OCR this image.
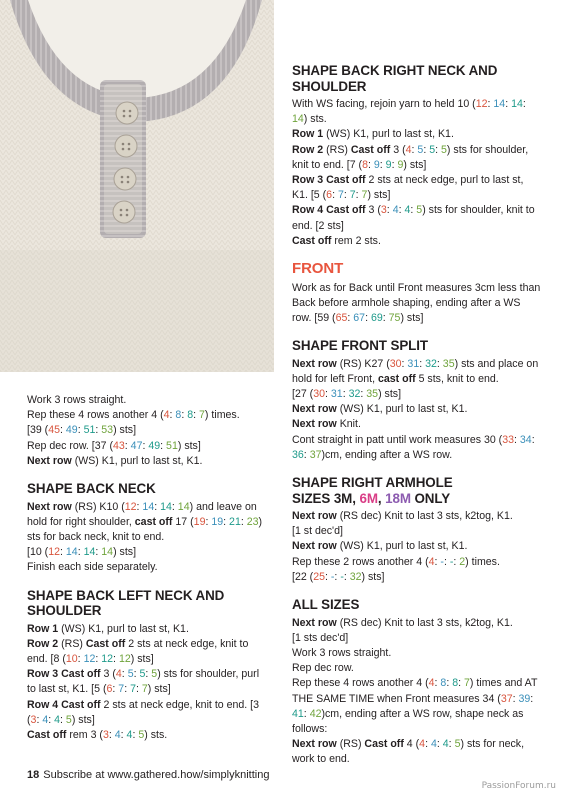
Work 3 rows straight.

Rep these 4 rows another 4 (4: 8: 8: 7) times.

[39 (45: 49: 51: 53) sts]

Rep dec row. [37 (43: 47: 49: 51) sts]

Next row (WS) K1, purl to last st, K1.

SHAPE BACK NECK

Next row (RS) K10 (12: 14: 14: 14) and leave on hold for right shoulder, cast off 17 (19: 19: 21: 23) sts for back neck, knit to end.

[10 (12: 14: 14: 14) sts]

Finish each side separately.

SHAPE BACK LEFT NECK AND SHOULDER

Row 1 (WS) K1, purl to last st, K1.

Row 2 (RS) Cast off 2 sts at neck edge, knit to end. [8 (10: 12: 12: 12) sts]

Row 3 Cast off 3 (4: 5: 5: 5) sts for shoulder, purl to last st, K1. [5 (6: 7: 7: 7) sts]

Row 4 Cast off 2 sts at neck edge, knit to end. [3 (3: 4: 4: 5) sts]

Cast off rem 3 (3: 4: 4: 5) sts.

SHAPE BACK RIGHT NECK AND SHOULDER

With WS facing, rejoin yarn to held 10 (12: 14: 14: 14) sts.

Row 1 (WS) K1, purl to last st, K1.

Row 2 (RS) Cast off 3 (4: 5: 5: 5) sts for shoulder, knit to end. [7 (8: 9: 9: 9) sts]

Row 3 Cast off 2 sts at neck edge, purl to last st, K1. [5 (6: 7: 7: 7) sts]

Row 4 Cast off 3 (3: 4: 4: 5) sts for shoulder, knit to end. [2 sts]

Cast off rem 2 sts.

FRONT

Work as for Back until Front measures 3cm less than Back before armhole shaping, ending after a WS row. [59 (65: 67: 69: 75) sts]

SHAPE FRONT SPLIT

Next row (RS) K27 (30: 31: 32: 35) sts and place on hold for left Front, cast off 5 sts, knit to end.

[27 (30: 31: 32: 35) sts]

Next row (WS) K1, purl to last st, K1.

Next row Knit.

Cont straight in patt until work measures 30 (33: 34: 36: 37)cm, ending after a WS row.

SHAPE RIGHT ARMHOLE
SIZES 3M, 6M, 18M ONLY

Next row (RS dec) Knit to last 3 sts, k2tog, K1.

[1 st dec'd]

Next row (WS) K1, purl to last st, K1.

Rep these 2 rows another 4 (4: -: -: 2) times.

[22 (25: -: -: 32) sts]

ALL SIZES

Next row (RS dec) Knit to last 3 sts, k2tog, K1.

[1 sts dec'd]

Work 3 rows straight.

Rep dec row.

Rep these 4 rows another 4 (4: 8: 8: 7) times and AT THE SAME TIME when Front measures 34 (37: 39: 41: 42)cm, ending after a WS row, shape neck as follows:

Next row (RS) Cast off 4 (4: 4: 4: 5) sts for neck, work to end.

18 Subscribe at www.gathered.how/simplyknitting
PassionForum.ru
